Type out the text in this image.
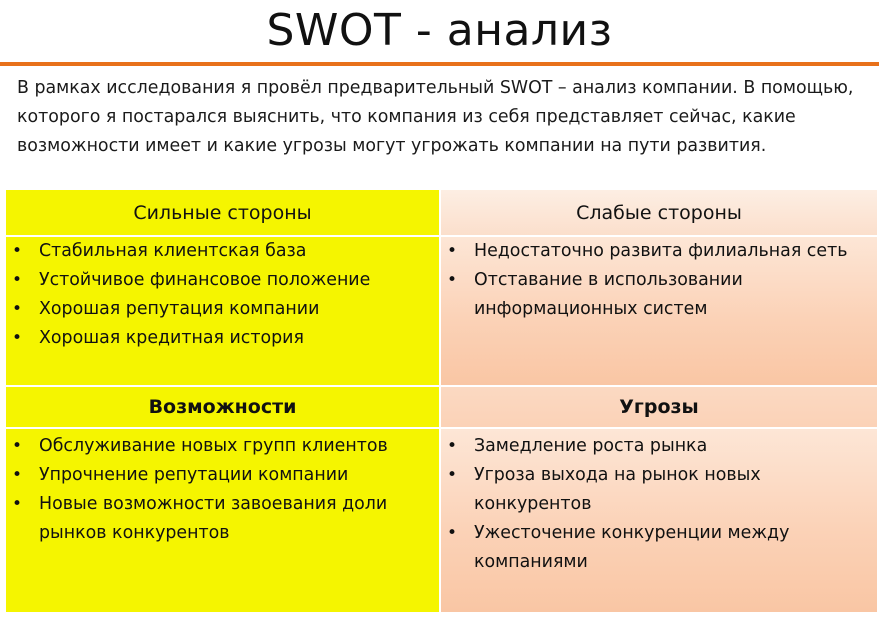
SWOT - анализ

В рамках исследования я провёл предварительный SWOT – анализ компании. В помощью, которого я постарался выяснить, что компания из себя представляет сейчас, какие возможности имеет и какие угрозы могут угрожать компании на пути развития.

Сильные стороны	Слабые стороны
• Стабильная клиентская база
• Устойчивое финансовое положение
• Хорошая репутация компании
• Хорошая кредитная история
• Недостаточно развита филиальная сеть
• Отставание в использовании информационных систем
Возможности	Угрозы
• Обслуживание новых групп клиентов
• Упрочнение репутации компании
• Новые возможности завоевания доли рынков конкурентов
• Замедление роста рынка
• Угроза выхода на рынок новых конкурентов
• Ужесточение конкуренции между компаниями
